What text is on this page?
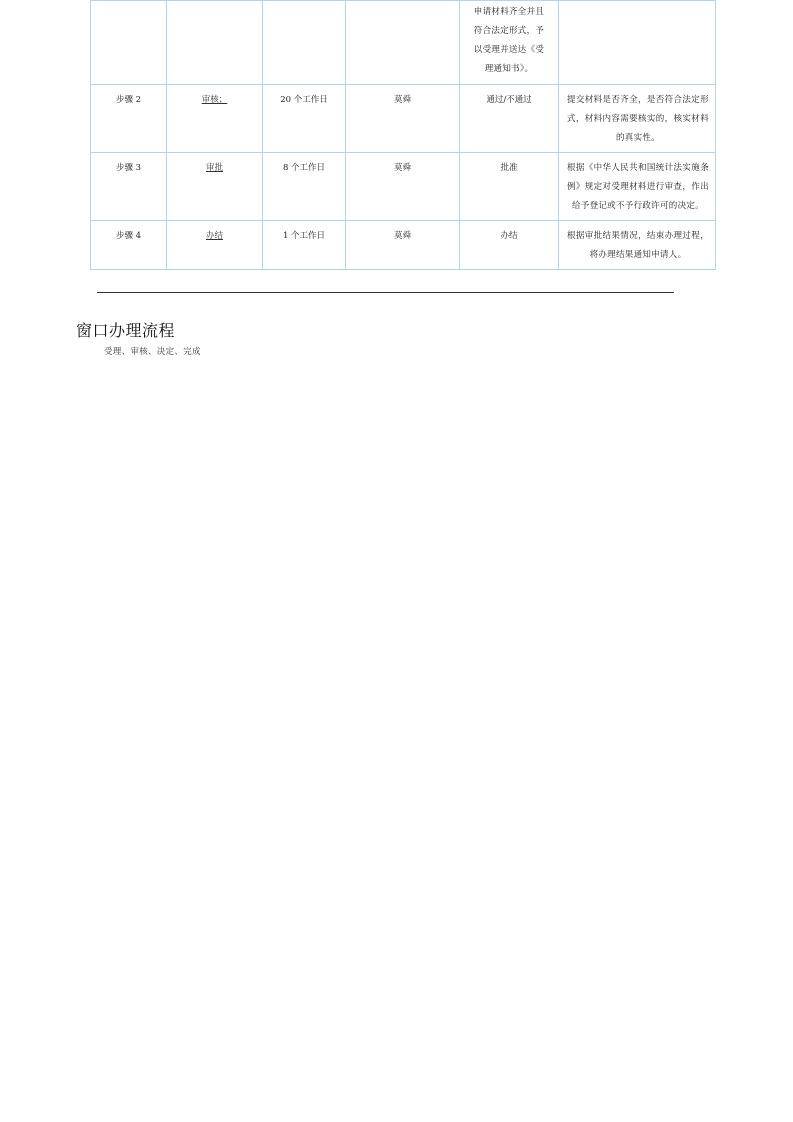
				申请材料齐全并且符合法定形式，予以受理并送达《受理通知书》。	
步骤 2	审核；	20 个工作日	莫舜	通过/不通过	提交材料是否齐全，是否符合法定形式，材料内容需要核实的，核实材料的真实性。
步骤 3	审批	8 个工作日	莫舜	批准	根据《中华人民共和国统计法实施条例》规定对受理材料进行审查，作出给予登记或不予行政许可的决定。
步骤 4	办结	1 个工作日	莫舜	办结	根据审批结果情况，结束办理过程，将办理结果通知申请人。
窗口办理流程

受理、审核、决定、完成
